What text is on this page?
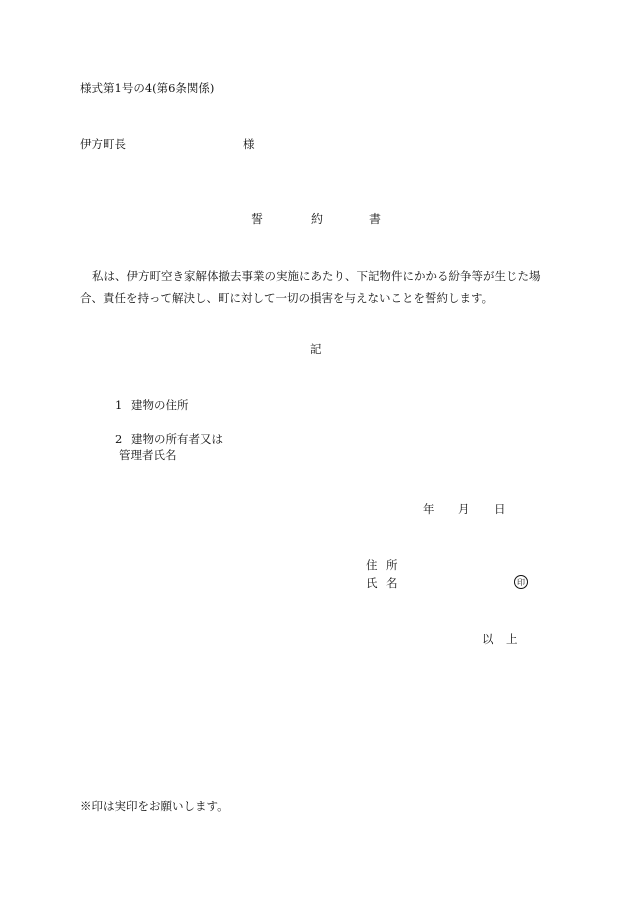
様式第1号の4(第6条関係)
伊方町長	様
誓	約	書
私は、伊方町空き家解体撤去事業の実施にあたり、下記物件にかかる紛争等が生じた場
合、責任を持って解決し、町に対して一切の損害を与えないことを誓約します。
記
1 建物の住所
2 建物の所有者又は
管理者氏名
年 月 日
住 所
氏 名	印
以 上
※印は実印をお願いします。
